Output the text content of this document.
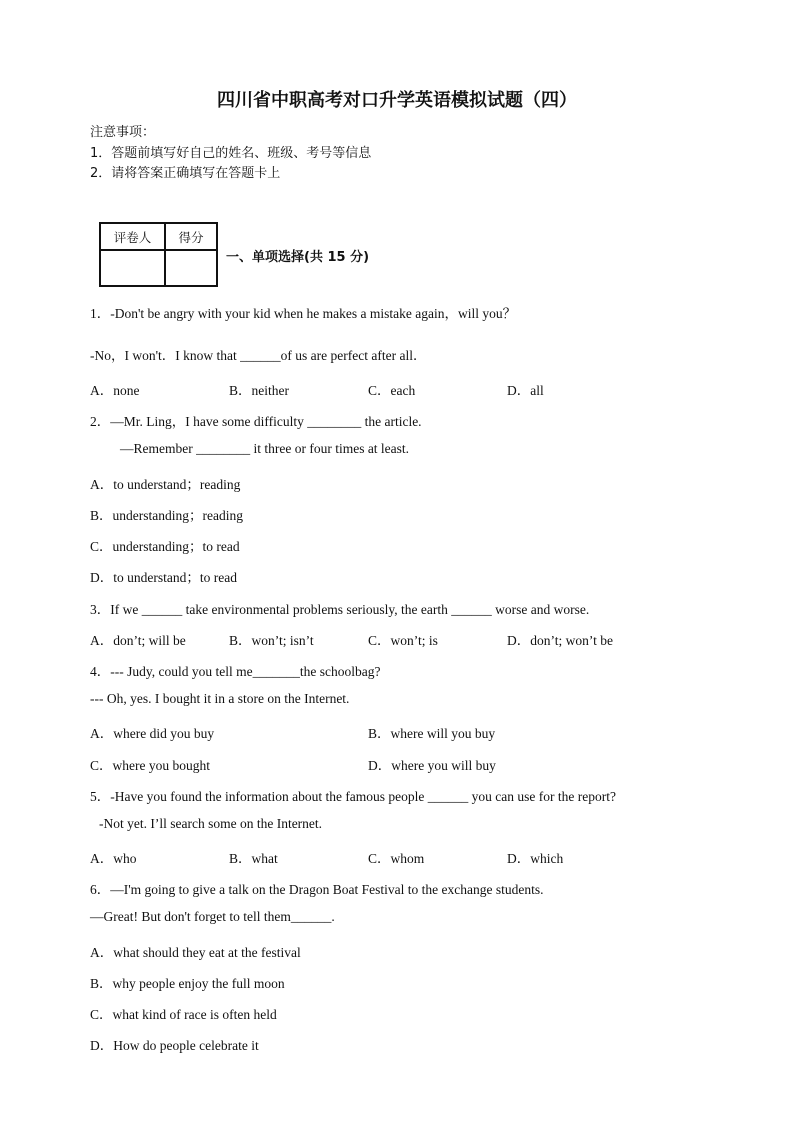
四川省中职高考对口升学英语模拟试题（四）
注意事项：
1．答题前填写好自己的姓名、班级、考号等信息
2．请将答案正确填写在答题卡上
评卷人	得分

一、单项选择(共 15 分)
1．-Don't be angry with your kid when he makes a mistake again，will you？
-No，I won't．I know that ______of us are perfect after all．
A．none	B．neither	C．each	D．all
2．—Mr. Ling，I have some difficulty ________ the article.
—Remember ________ it three or four times at least.
A．to understand；reading
B．understanding；reading
C．understanding；to read
D．to understand；to read
3．If we ______ take environmental problems seriously, the earth ______ worse and worse.
A．don’t; will be	B．won’t; isn’t	C．won’t; is	D．don’t; won’t be
4．--- Judy, could you tell me_______the schoolbag?
--- Oh, yes. I bought it in a store on the Internet.
A．where did you buy	B．where will you buy
C．where you bought	D．where you will buy
5．-Have you found the information about the famous people ______ you can use for the report?
-Not yet. I’ll search some on the Internet.
A．who	B．what	C．whom	D．which
6．—I'm going to give a talk on the Dragon Boat Festival to the exchange students.
—Great! But don't forget to tell them______.
A．what should they eat at the festival
B．why people enjoy the full moon
C．what kind of race is often held
D．How do people celebrate it
